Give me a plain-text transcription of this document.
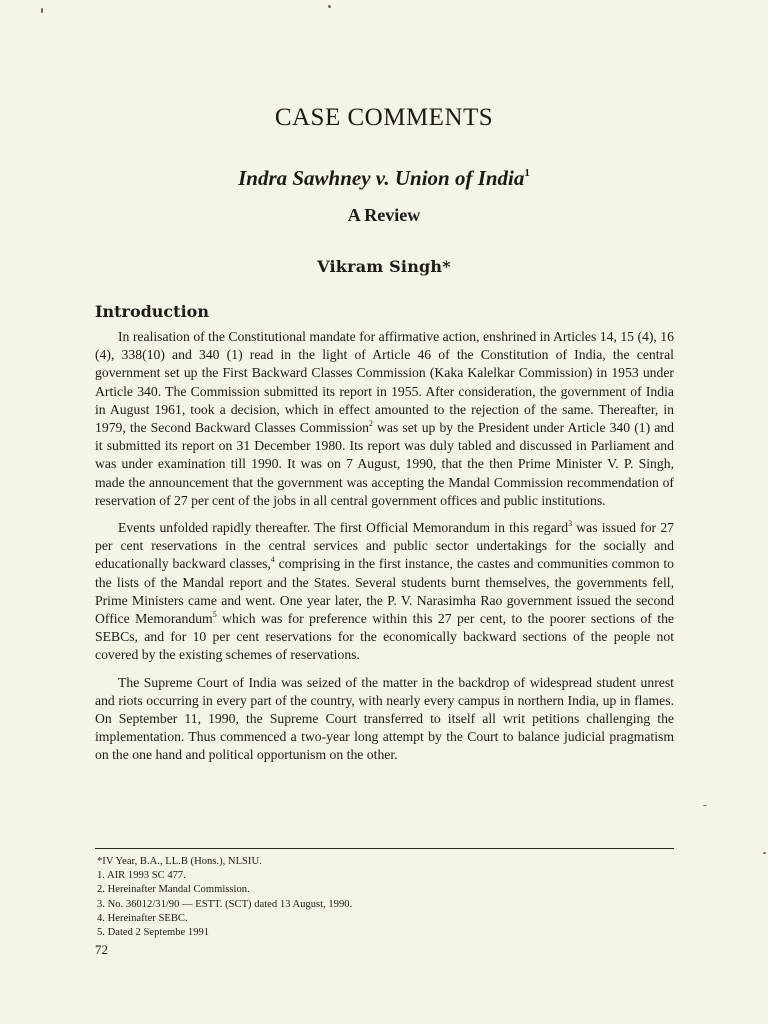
CASE COMMENTS
Indra Sawhney v. Union of India$^1$
A Review
Vikram Singh*
Introduction

In realisation of the Constitutional mandate for affirmative action, enshrined in Articles 14, 15 (4), 16 (4), 338(10) and 340 (1) read in the light of Article 46 of the Constitution of India, the central government set up the First Backward Classes Commission (Kaka Kalelkar Commission) in 1953 under Article 340. The Commission submitted its report in 1955. After consideration, the government of India in August 1961, took a decision, which in effect amounted to the rejection of the same. Thereafter, in 1979, the Second Backward Classes Commission$^2$ was set up by the President under Article 340 (1) and it submitted its report on 31 December 1980. Its report was duly tabled and discussed in Parliament and was under examination till 1990. It was on 7 August, 1990, that the then Prime Minister V. P. Singh, made the announcement that the government was accepting the Mandal Commission recommendation of reservation of 27 per cent of the jobs in all central government offices and public institutions.

Events unfolded rapidly thereafter. The first Official Memorandum in this regard$^3$ was issued for 27 per cent reservations in the central services and public sector undertakings for the socially and educationally backward classes,$^4$ comprising in the first instance, the castes and communities common to the lists of the Mandal report and the States. Several students burnt themselves, the governments fell, Prime Ministers came and went. One year later, the P. V. Narasimha Rao government issued the second Office Memorandum$^5$ which was for preference within this 27 per cent, to the poorer sections of the SEBCs, and for 10 per cent reservations for the economically backward sections of the people not covered by the existing schemes of reservations.

The Supreme Court of India was seized of the matter in the backdrop of widespread student unrest and riots occurring in every part of the country, with nearly every campus in northern India, up in flames. On September 11, 1990, the Supreme Court transferred to itself all writ petitions challenging the implementation. Thus commenced a two-year long attempt by the Court to balance judicial pragmatism on the one hand and political opportunism on the other.

*IV Year, B.A., LL.B (Hons.), NLSIU.
1. AIR 1993 SC 477.
2. Hereinafter Mandal Commission.
3. No. 36012/31/90 — ESTT. (SCT) dated 13 August, 1990.
4. Hereinafter SEBC.
5. Dated 2 Septembe 1991
72
